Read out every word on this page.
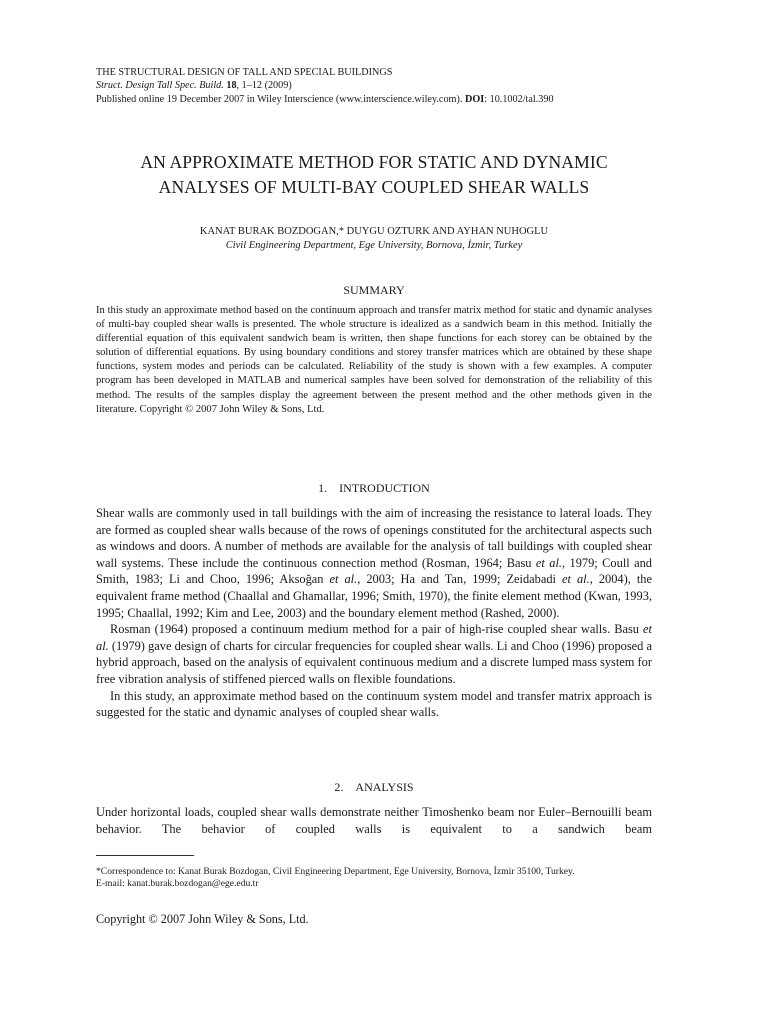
THE STRUCTURAL DESIGN OF TALL AND SPECIAL BUILDINGS
Struct. Design Tall Spec. Build. 18, 1–12 (2009)
Published online 19 December 2007 in Wiley Interscience (www.interscience.wiley.com). DOI: 10.1002/tal.390
AN APPROXIMATE METHOD FOR STATIC AND DYNAMIC
ANALYSES OF MULTI-BAY COUPLED SHEAR WALLS
KANAT BURAK BOZDOGAN,* DUYGU OZTURK AND AYHAN NUHOGLU
Civil Engineering Department, Ege University, Bornova, İzmir, Turkey
SUMMARY
In this study an approximate method based on the continuum approach and transfer matrix method for static and dynamic analyses of multi-bay coupled shear walls is presented. The whole structure is idealized as a sandwich beam in this method. Initially the differential equation of this equivalent sandwich beam is written, then shape functions for each storey can be obtained by the solution of differential equations. By using boundary conditions and storey transfer matrices which are obtained by these shape functions, system modes and periods can be calculated. Reliability of the study is shown with a few examples. A computer program has been developed in MATLAB and numerical samples have been solved for demonstration of the reliability of this method. The results of the samples display the agreement between the present method and the other methods given in the literature. Copyright © 2007 John Wiley & Sons, Ltd.
1.    INTRODUCTION

Shear walls are commonly used in tall buildings with the aim of increasing the resistance to lateral loads. They are formed as coupled shear walls because of the rows of openings constituted for the architectural aspects such as windows and doors. A number of methods are available for the analysis of tall buildings with coupled shear wall systems. These include the continuous connection method (Rosman, 1964; Basu et al., 1979; Coull and Smith, 1983; Li and Choo, 1996; Aksoğan et al., 2003; Ha and Tan, 1999; Zeidabadi et al., 2004), the equivalent frame method (Chaallal and Ghamallar, 1996; Smith, 1970), the finite element method (Kwan, 1993, 1995; Chaallal, 1992; Kim and Lee, 2003) and the boundary element method (Rashed, 2000).

Rosman (1964) proposed a continuum medium method for a pair of high-rise coupled shear walls. Basu et al. (1979) gave design of charts for circular frequencies for coupled shear walls. Li and Choo (1996) proposed a hybrid approach, based on the analysis of equivalent continuous medium and a discrete lumped mass system for free vibration analysis of stiffened pierced walls on flexible foundations.

In this study, an approximate method based on the continuum system model and transfer matrix approach is suggested for the static and dynamic analyses of coupled shear walls.

2.    ANALYSIS

Under horizontal loads, coupled shear walls demonstrate neither Timoshenko beam nor Euler–Bernouilli beam behavior. The behavior of coupled walls is equivalent to a sandwich beam

*Correspondence to: Kanat Burak Bozdogan, Civil Engineering Department, Ege University, Bornova, İzmir 35100, Turkey.
E-mail: kanat.burak.bozdogan@ege.edu.tr
Copyright © 2007 John Wiley & Sons, Ltd.
